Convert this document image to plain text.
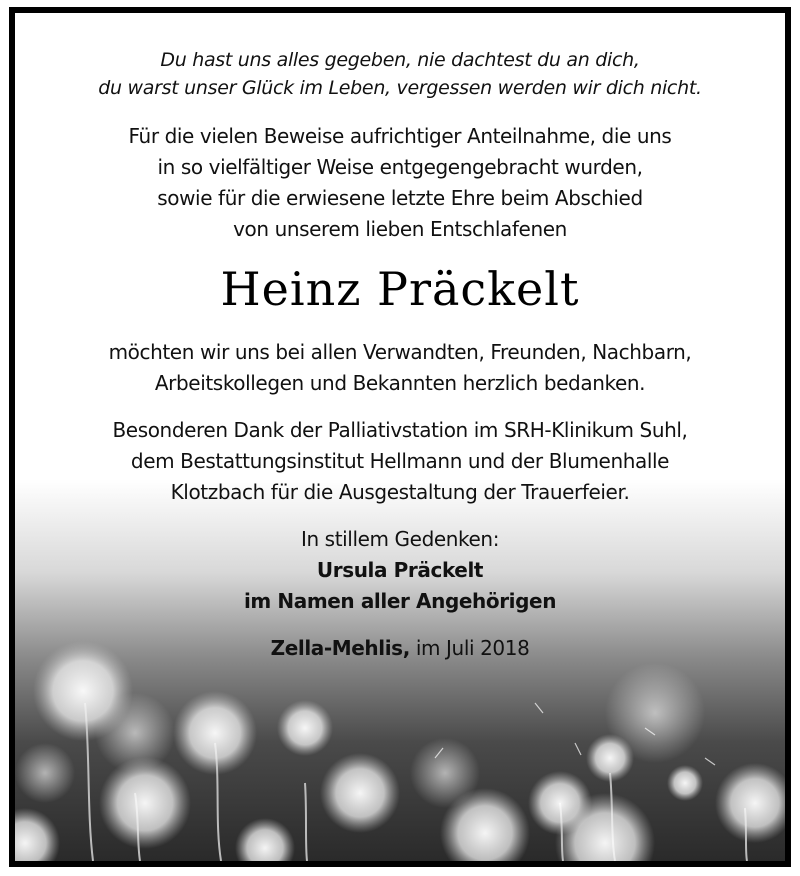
Du hast uns alles gegeben, nie dachtest du an dich,
du warst unser Glück im Leben, vergessen werden wir dich nicht.
Für die vielen Beweise aufrichtiger Anteilnahme, die uns
in so vielfältiger Weise entgegengebracht wurden,
sowie für die erwiesene letzte Ehre beim Abschied
von unserem lieben Entschlafenen
Heinz Präckelt
möchten wir uns bei allen Verwandten, Freunden, Nachbarn,
Arbeitskollegen und Bekannten herzlich bedanken.
Besonderen Dank der Palliativstation im SRH-Klinikum Suhl,
dem Bestattungsinstitut Hellmann und der Blumenhalle
Klotzbach für die Ausgestaltung der Trauerfeier.
In stillem Gedenken:
Ursula Präckelt
im Namen aller Angehörigen
Zella-Mehlis, im Juli 2018
